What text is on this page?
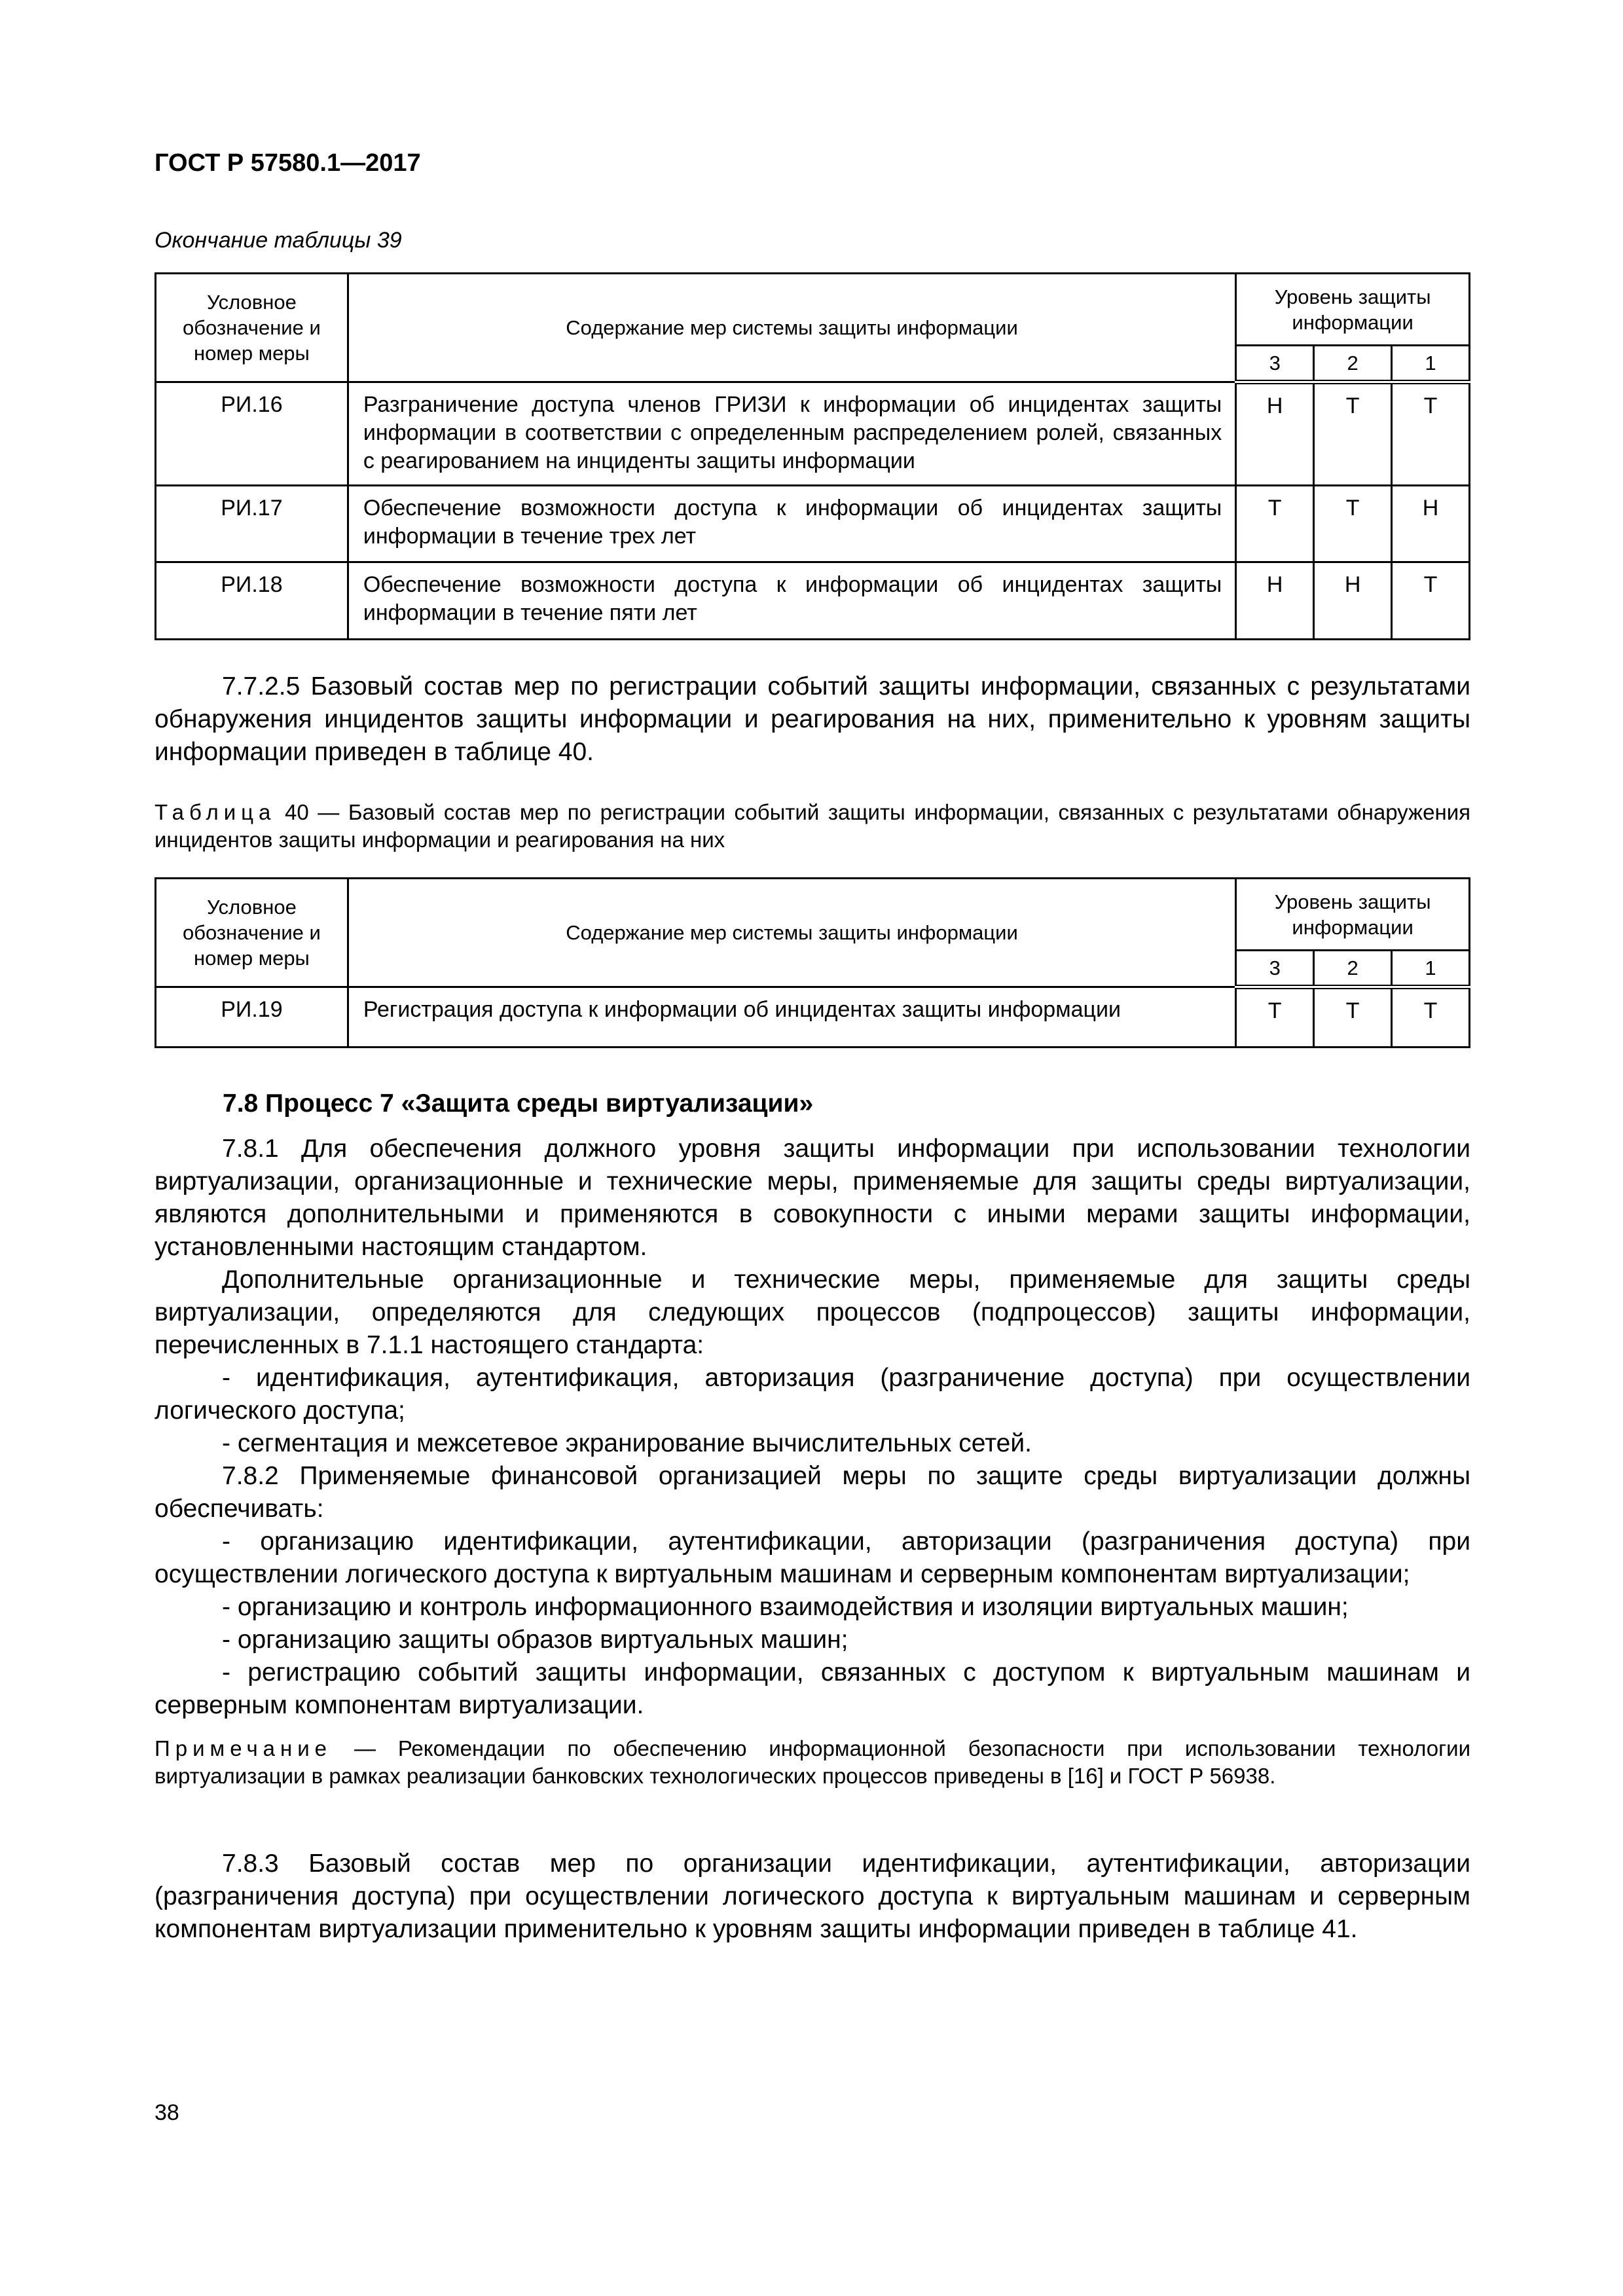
ГОСТ Р 57580.1—2017
Окончание таблицы 39
Условное обозначение и номер меры	Содержание мер системы защиты информации	Уровень защиты информации		
		3	2	1
РИ.16	Разграничение доступа членов ГРИЗИ к информации об инцидентах защиты информации в соответствии с определенным распределением ролей, связанных с реагированием на инциденты защиты информации	Н	Т	Т
РИ.17	Обеспечение возможности доступа к информации об инцидентах защиты информации в течение трех лет	Т	Т	Н
РИ.18	Обеспечение возможности доступа к информации об инцидентах защиты информации в течение пяти лет	Н	Н	Т
7.7.2.5 Базовый состав мер по регистрации событий защиты информации, связанных с результатами обнаружения инцидентов защиты информации и реагирования на них, применительно к уровням защиты информации приведен в таблице 40.
Таблица 40 — Базовый состав мер по регистрации событий защиты информации, связанных с результатами обнаружения инцидентов защиты информации и реагирования на них
Условное обозначение и номер меры	Содержание мер системы защиты информации	Уровень защиты информации		
		3	2	1
РИ.19	Регистрация доступа к информации об инцидентах защиты информации	Т	Т	Т
7.8 Процесс 7 «Защита среды виртуализации»
7.8.1 Для обеспечения должного уровня защиты информации при использовании технологии виртуализации, организационные и технические меры, применяемые для защиты среды виртуализации, являются дополнительными и применяются в совокупности с иными мерами защиты информации, установленными настоящим стандартом.
Дополнительные организационные и технические меры, применяемые для защиты среды виртуализации, определяются для следующих процессов (подпроцессов) защиты информации, перечисленных в 7.1.1 настоящего стандарта:
- идентификация, аутентификация, авторизация (разграничение доступа) при осуществлении логического доступа;
- сегментация и межсетевое экранирование вычислительных сетей.
7.8.2 Применяемые финансовой организацией меры по защите среды виртуализации должны обеспечивать:
- организацию идентификации, аутентификации, авторизации (разграничения доступа) при осуществлении логического доступа к виртуальным машинам и серверным компонентам виртуализации;
- организацию и контроль информационного взаимодействия и изоляции виртуальных машин;
- организацию защиты образов виртуальных машин;
- регистрацию событий защиты информации, связанных с доступом к виртуальным машинам и серверным компонентам виртуализации.
Примечание — Рекомендации по обеспечению информационной безопасности при использовании технологии виртуализации в рамках реализации банковских технологических процессов приведены в [16] и ГОСТ Р 56938.
7.8.3 Базовый состав мер по организации идентификации, аутентификации, авторизации (разграничения доступа) при осуществлении логического доступа к виртуальным машинам и серверным компонентам виртуализации применительно к уровням защиты информации приведен в таблице 41.
38
